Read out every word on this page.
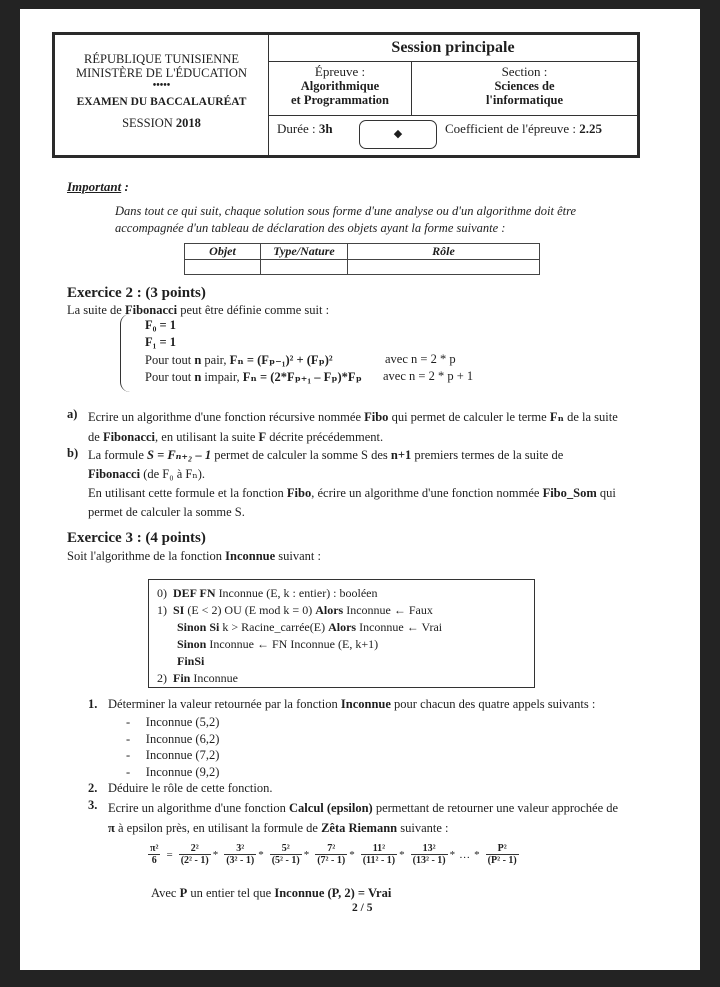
RÉPUBLIQUE TUNISIENNE
MINISTÈRE DE L'ÉDUCATION
•••••
EXAMEN DU BACCALAURÉAT
SESSION 2018
Session principale
Épreuve :
Algorithmique
et Programmation
Section :
Sciences de
l'informatique
Durée : 3h	◆	Coefficient de l'épreuve : 2.25
Important :
Dans tout ce qui suit, chaque solution sous forme d'une analyse ou d'un algorithme doit être
accompagnée d'un tableau de déclaration des objets ayant la forme suivante :
Objet	Type/Nature	Rôle

Exercice 2 : (3 points)
La suite de Fibonacci peut être définie comme suit :
F₀ = 1
F₁ = 1
Pour tout n pair, Fₙ = (Fₚ₋₁)² + (Fₚ)²	avec n = 2 * p
Pour tout n impair, Fₙ = (2*Fₚ₊₁ – Fₚ)*Fₚ avec n = 2 * p + 1
a) Ecrire un algorithme d'une fonction récursive nommée Fibo qui permet de calculer le terme Fₙ de la suite
de Fibonacci, en utilisant la suite F décrite précédemment.
b) La formule S = Fₙ₊₂ – 1 permet de calculer la somme S des n+1 premiers termes de la suite de
Fibonacci (de F₀ à Fₙ).
En utilisant cette formule et la fonction Fibo, écrire un algorithme d'une fonction nommée Fibo_Som qui
permet de calculer la somme S.
Exercice 3 : (4 points)
Soit l'algorithme de la fonction Inconnue suivant :
0) DEF FN Inconnue (E, k : entier) : booléen
1) SI (E < 2) OU (E mod k = 0) Alors Inconnue ← Faux
Sinon Si k > Racine_carrée(E) Alors Inconnue ← Vrai
Sinon Inconnue ← FN Inconnue (E, k+1)
FinSi
2) Fin Inconnue
1. Déterminer la valeur retournée par la fonction Inconnue pour chacun des quatre appels suivants :
- Inconnue (5,2)
- Inconnue (6,2)
- Inconnue (7,2)
- Inconnue (9,2)
2. Déduire le rôle de cette fonction.
3. Ecrire un algorithme d'une fonction Calcul (epsilon) permettant de retourner une valeur approchée de
π à epsilon près, en utilisant la formule de Zêta Riemann suivante :
$\frac{\text{π²}}{6} = \frac{\text{2²}}{\text{(2² - 1)}} * \frac{\text{3²}}{\text{(3² - 1)}} * \frac{\text{5²}}{\text{(5² - 1)}} * \frac{\text{7²}}{\text{(7² - 1)}} * \frac{\text{11²}}{\text{(11² - 1)}} * \frac{\text{13²}}{\text{(13² - 1)}}$ * … * $\frac{\text{P²}}{\text{(P² - 1)}}$
Avec P un entier tel que Inconnue (P, 2) = Vrai
2 / 5
